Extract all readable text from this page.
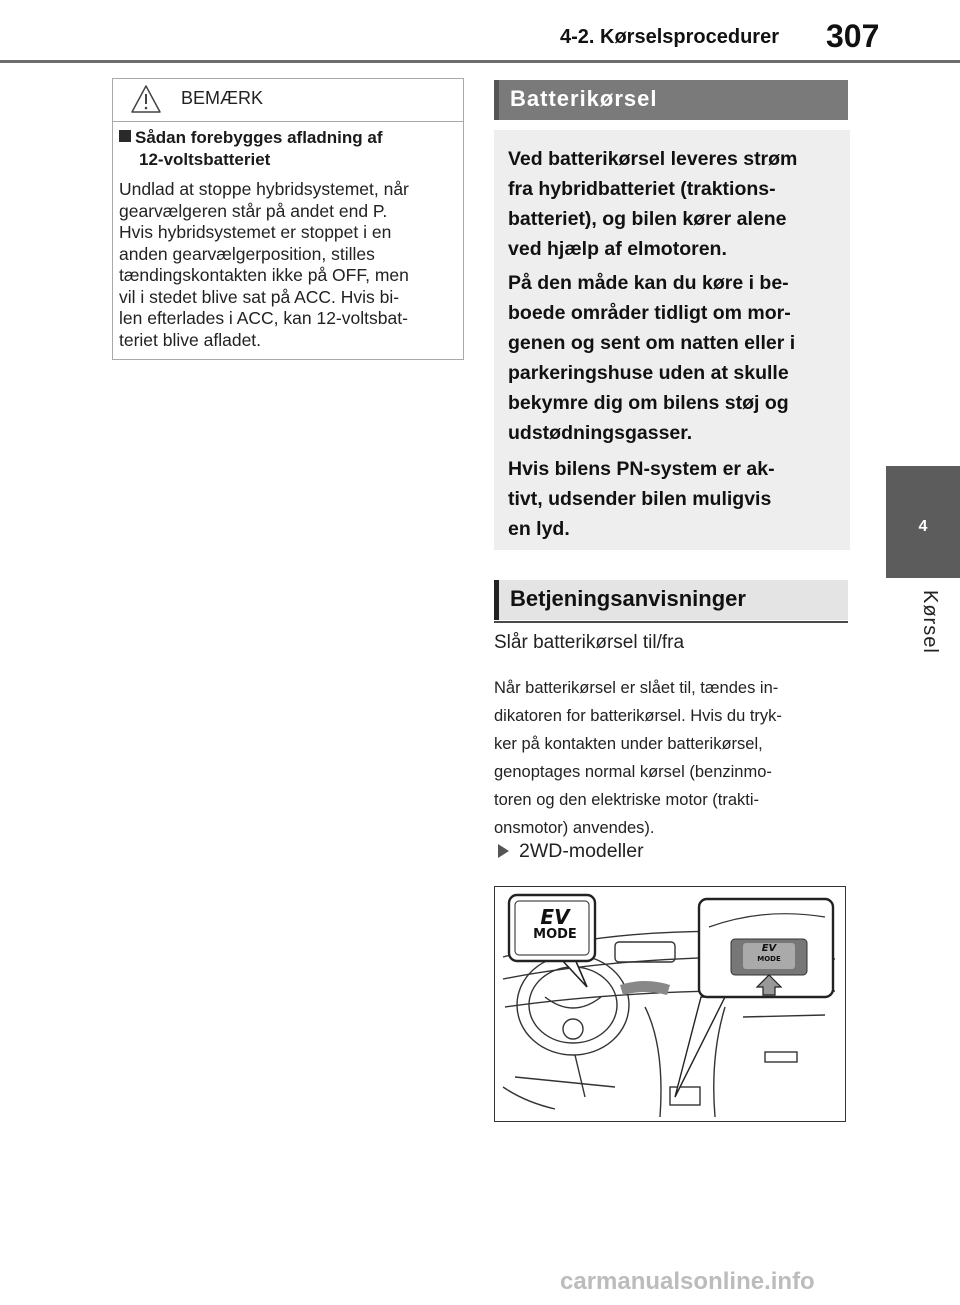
4-2. Kørselsprocedurer 307
4
Kørsel
BEMÆRK
Sådan forebygges afladning af
12-voltsbatteriet
Undlad at stoppe hybridsystemet, når
gearvælgeren står på andet end P.
Hvis hybridsystemet er stoppet i en
anden gearvælgerposition, stilles
tændingskontakten ikke på OFF, men
vil i stedet blive sat på ACC. Hvis bi-
len efterlades i ACC, kan 12-voltsbat-
teriet blive afladet.
Batterikørsel
Ved batterikørsel leveres strøm
fra hybridbatteriet (traktions-
batteriet), og bilen kører alene
ved hjælp af elmotoren.
På den måde kan du køre i be-
boede områder tidligt om mor-
genen og sent om natten eller i
parkeringshuse uden at skulle
bekymre dig om bilens støj og
udstødningsgasser.
Hvis bilens PN-system er ak-
tivt, udsender bilen muligvis
en lyd.
Betjeningsanvisninger
Slår batterikørsel til/fra
Når batterikørsel er slået til, tændes in-
dikatoren for batterikørsel. Hvis du tryk-
ker på kontakten under batterikørsel,
genoptages normal kørsel (benzinmo-
toren og den elektriske motor (trakti-
onsmotor) anvendes).
2WD-modeller
EV
MODE
EV
MODE
carmanualsonline.info
